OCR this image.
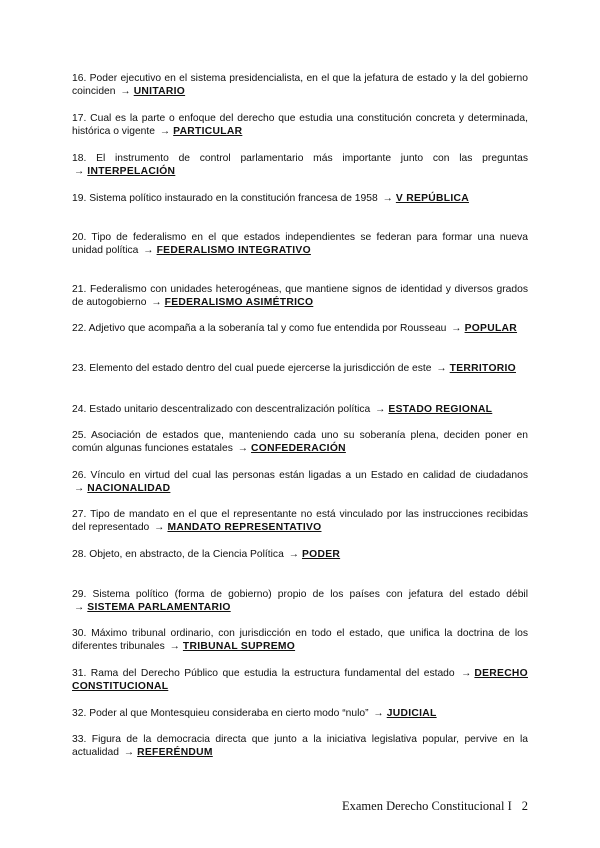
16. Poder ejecutivo en el sistema presidencialista, en el que la jefatura de estado y la del gobierno coinciden → UNITARIO

17. Cual es la parte o enfoque del derecho que estudia una constitución concreta y determinada, histórica o vigente → PARTICULAR

18. El instrumento de control parlamentario más importante junto con las preguntas → INTERPELACIÓN

19. Sistema político instaurado en la constitución francesa de 1958 → V REPÚBLICA

20. Tipo de federalismo en el que estados independientes se federan para formar una nueva unidad política → FEDERALISMO INTEGRATIVO

21. Federalismo con unidades heterogéneas, que mantiene signos de identidad y diversos grados de autogobierno → FEDERALISMO ASIMÉTRICO

22. Adjetivo que acompaña a la soberanía tal y como fue entendida por Rousseau → POPULAR

23. Elemento del estado dentro del cual puede ejercerse la jurisdicción de este → TERRITORIO

24. Estado unitario descentralizado con descentralización política → ESTADO REGIONAL

25. Asociación de estados que, manteniendo cada uno su soberanía plena, deciden poner en común algunas funciones estatales → CONFEDERACIÓN

26. Vínculo en virtud del cual las personas están ligadas a un Estado en calidad de ciudadanos → NACIONALIDAD

27. Tipo de mandato en el que el representante no está vinculado por las instrucciones recibidas del representado → MANDATO REPRESENTATIVO

28. Objeto, en abstracto, de la Ciencia Política → PODER

29. Sistema político (forma de gobierno) propio de los países con jefatura del estado débil → SISTEMA PARLAMENTARIO

30. Máximo tribunal ordinario, con jurisdicción en todo el estado, que unifica la doctrina de los diferentes tribunales → TRIBUNAL SUPREMO

31. Rama del Derecho Público que estudia la estructura fundamental del estado → DERECHO CONSTITUCIONAL

32. Poder al que Montesquieu consideraba en cierto modo “nulo” → JUDICIAL

33. Figura de la democracia directa que junto a la iniciativa legislativa popular, pervive en la actualidad → REFERÉNDUM

Examen Derecho Constitucional I 2
